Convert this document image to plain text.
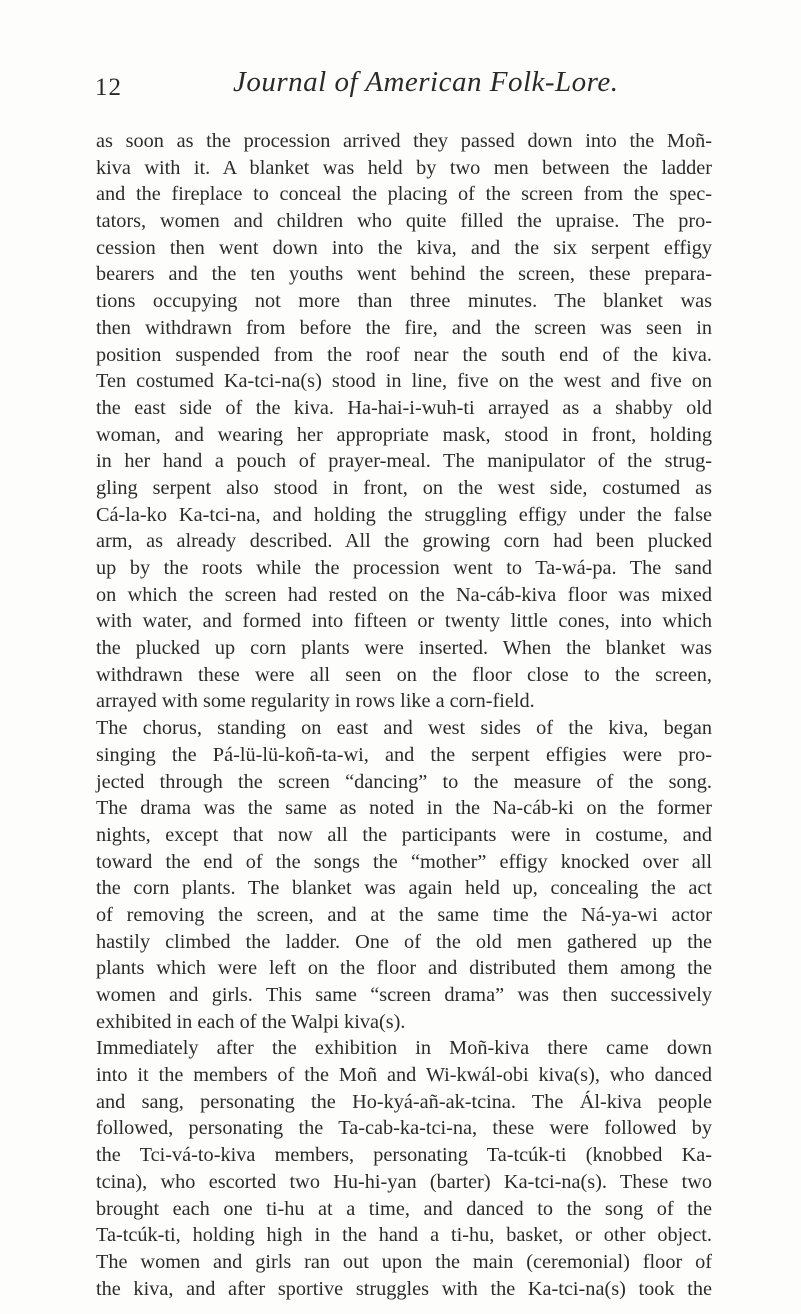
12	Journal of American Folk-Lore.
as soon as the procession arrived they passed down into the Moñ-
kiva with it. A blanket was held by two men between the ladder
and the fireplace to conceal the placing of the screen from the spec-
tators, women and children who quite filled the upraise. The pro-
cession then went down into the kiva, and the six serpent effigy
bearers and the ten youths went behind the screen, these prepara-
tions occupying not more than three minutes. The blanket was
then withdrawn from before the fire, and the screen was seen in
position suspended from the roof near the south end of the kiva.
Ten costumed Ka-tci-na(s) stood in line, five on the west and five on
the east side of the kiva. Ha-hai-i-wuh-ti arrayed as a shabby old
woman, and wearing her appropriate mask, stood in front, holding
in her hand a pouch of prayer-meal. The manipulator of the strug-
gling serpent also stood in front, on the west side, costumed as
Cá-la-ko Ka-tci-na, and holding the struggling effigy under the false
arm, as already described. All the growing corn had been plucked
up by the roots while the procession went to Ta-wá-pa. The sand
on which the screen had rested on the Na-cáb-kiva floor was mixed
with water, and formed into fifteen or twenty little cones, into which
the plucked up corn plants were inserted. When the blanket was
withdrawn these were all seen on the floor close to the screen,
arrayed with some regularity in rows like a corn-field.
The chorus, standing on east and west sides of the kiva, began
singing the Pá-lü-lü-koñ-ta-wi, and the serpent effigies were pro-
jected through the screen “dancing” to the measure of the song.
The drama was the same as noted in the Na-cáb-ki on the former
nights, except that now all the participants were in costume, and
toward the end of the songs the “mother” effigy knocked over all
the corn plants. The blanket was again held up, concealing the act
of removing the screen, and at the same time the Ná-ya-wi actor
hastily climbed the ladder. One of the old men gathered up the
plants which were left on the floor and distributed them among the
women and girls. This same “screen drama” was then successively
exhibited in each of the Walpi kiva(s).
Immediately after the exhibition in Moñ-kiva there came down
into it the members of the Moñ and Wi-kwál-obi kiva(s), who danced
and sang, personating the Ho-kyá-añ-ak-tcina. The Ál-kiva people
followed, personating the Ta-cab-ka-tci-na, these were followed by
the Tci-vá-to-kiva members, personating Ta-tcúk-ti (knobbed Ka-
tcina), who escorted two Hu-hi-yan (barter) Ka-tci-na(s). These two
brought each one ti-hu at a time, and danced to the song of the
Ta-tcúk-ti, holding high in the hand a ti-hu, basket, or other object.
The women and girls ran out upon the main (ceremonial) floor of
the kiva, and after sportive struggles with the Ka-tci-na(s) took the
